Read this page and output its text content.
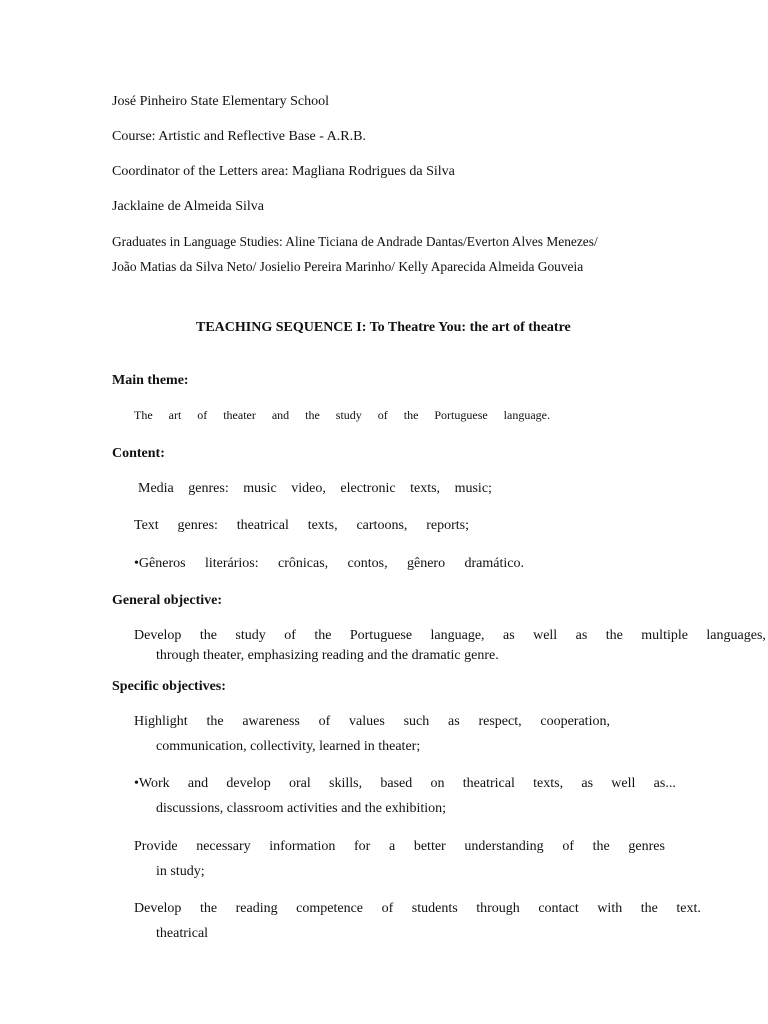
José Pinheiro State Elementary School
Course: Artistic and Reflective Base - A.R.B.
Coordinator of the Letters area: Magliana Rodrigues da Silva
Jacklaine de Almeida Silva
Graduates in Language Studies: Aline Ticiana de Andrade Dantas/Everton Alves Menezes/
João Matias da Silva Neto/ Josielio Pereira Marinho/ Kelly Aparecida Almeida Gouveia
TEACHING SEQUENCE I: To Theatre You: the art of theatre
Main theme:
The art of theater and the study of the Portuguese language.
Content:
Media genres: music video, electronic texts, music;
Text genres: theatrical texts, cartoons, reports;
•Gêneros literários: crônicas, contos, gênero dramático.
General objective:
Develop the study of the Portuguese language, as well as the multiple languages,
through theater, emphasizing reading and the dramatic genre.
Specific objectives:
Highlight the awareness of values such as respect, cooperation,
communication, collectivity, learned in theater;
•Work and develop oral skills, based on theatrical texts, as well as...
discussions, classroom activities and the exhibition;
Provide necessary information for a better understanding of the genres
in study;
Develop the reading competence of students through contact with the text.
theatrical
